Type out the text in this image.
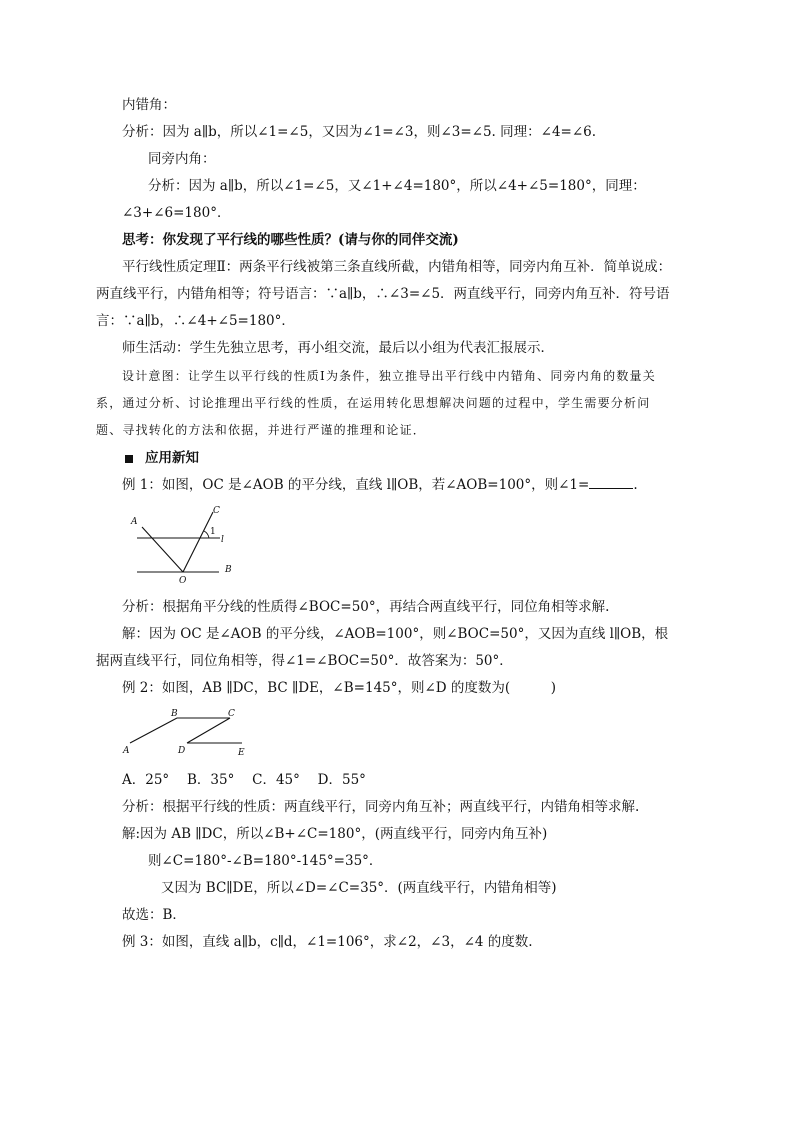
内错角：
分析：因为 a∥b，所以∠1=∠5，又因为∠1=∠3，则∠3=∠5. 同理：∠4=∠6.
同旁内角：
分析：因为 a∥b，所以∠1=∠5，又∠1+∠4=180°，所以∠4+∠5=180°，同理：
∠3+∠6=180°．
思考：你发现了平行线的哪些性质？(请与你的同伴交流)
平行线性质定理Ⅱ：两条平行线被第三条直线所截，内错角相等，同旁内角互补．简单说成：
两直线平行，内错角相等；符号语言：∵a∥b，∴∠3=∠5．两直线平行，同旁内角互补．符号语
言：∵a∥b，∴∠4+∠5=180°．
师生活动：学生先独立思考，再小组交流，最后以小组为代表汇报展示．
设计意图：让学生以平行线的性质Ⅰ为条件，独立推导出平行线中内错角、同旁内角的数量关
系，通过分析、讨论推理出平行线的性质，在运用转化思想解决问题的过程中，学生需要分析问
题、寻找转化的方法和依据，并进行严谨的推理和论证．
应用新知
例 1：如图，OC 是∠AOB 的平分线，直线 l∥OB，若∠AOB=100°，则∠1=	.
A
C
1
l
O
B
分析：根据角平分线的性质得∠BOC=50°，再结合两直线平行，同位角相等求解.
解：因为 OC 是∠AOB 的平分线，∠AOB=100°，则∠BOC=50°，又因为直线 l∥OB，根
据两直线平行，同位角相等，得∠1=∠BOC=50°．故答案为：50°．
例 2：如图，AB ∥DC，BC ∥DE，∠B=145°，则∠D 的度数为(　　　)
A
B	C
D	E
A．25°　 B．35°　 C．45°　 D．55°
分析：根据平行线的性质：两直线平行，同旁内角互补；两直线平行，内错角相等求解.
解:因为 AB ∥DC，所以∠B+∠C=180°，(两直线平行，同旁内角互补)
则∠C=180°-∠B=180°-145°=35°．
又因为 BC∥DE，所以∠D=∠C=35°．(两直线平行，内错角相等)
故选：B．
例 3：如图，直线 a∥b，c∥d，∠1=106°，求∠2，∠3，∠4 的度数.
